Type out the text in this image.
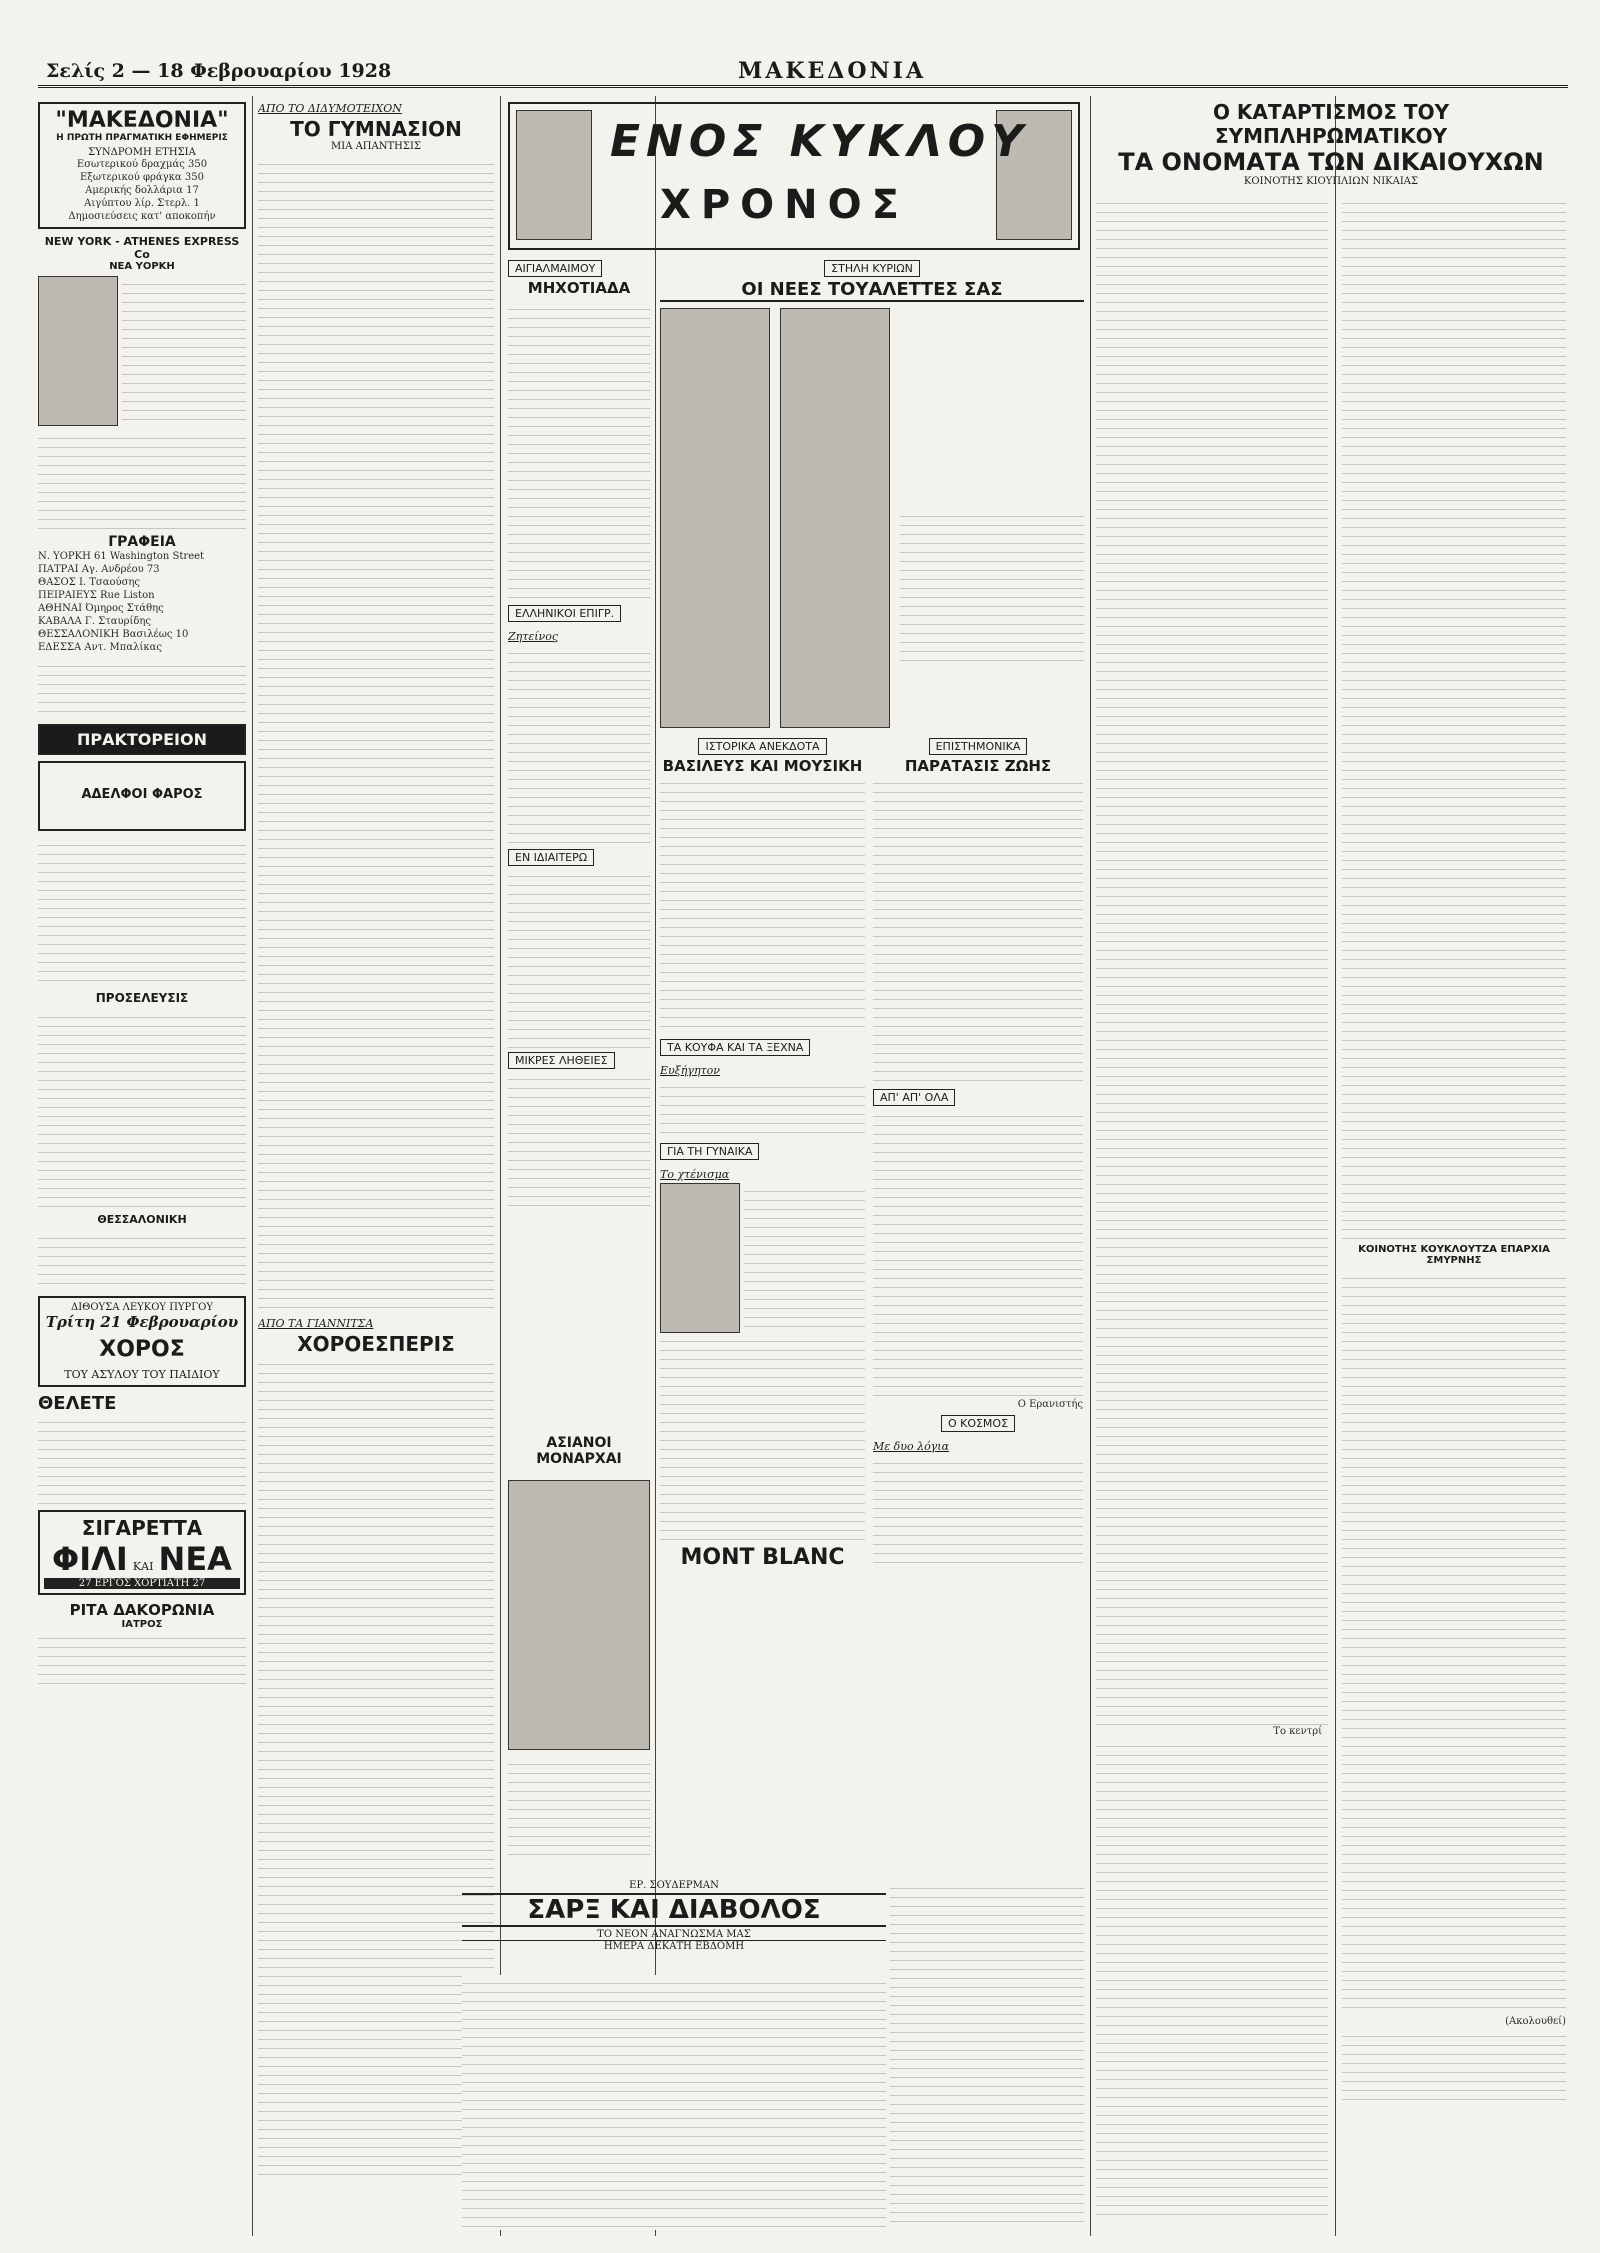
Σελίς 2 — 18 Φεβρουαρίου 1928	ΜΑΚΕΔΟΝΙΑ
"ΜΑΚΕΔΟΝΙΑ"
Η ΠΡΩΤΗ ΠΡΑΓΜΑΤΙΚΗ ΕΦΗΜΕΡΙΣ
ΣΥΝΔΡΟΜΗ ΕΤΗΣΙΑ
Εσωτερικού δραχμάς 350
Εξωτερικού φράγκα 350
Αμερικής δολλάρια 17
Αιγύπτου λίρ. Στερλ. 1
Δημοσιεύσεις κατ' αποκοπήν
NEW YORK - ATHENES EXPRESS Co
ΝΕΑ ΥΟΡΚΗ
ΓΡΑΦΕΙΑ
Ν. ΥΟΡΚΗ 61 Washington Street
ΠΑΤΡΑΙ Αγ. Ανδρέου 73
ΘΑΣΟΣ Ι. Τσαούσης
ΠΕΙΡΑΙΕΥΣ Rue Liston
ΑΘΗΝΑΙ Όμηρος Στάθης
ΚΑΒΑΛΑ Γ. Σταυρίδης
ΘΕΣΣΑΛΟΝΙΚΗ Βασιλέως 10
ΕΔΕΣΣΑ Αντ. Μπαλίκας
ΠΡΑΚΤΟΡΕΙΟΝ
ΑΔΕΛΦΟΙ ΦΑΡΟΣ
ΠΡΟΣΕΛΕΥΣΙΣ
ΘΕΣΣΑΛΟΝΙΚΗ
ΔΙΘΟΥΣΑ ΛΕΥΚΟΥ ΠΥΡΓΟΥ
Τρίτη 21 Φεβρουαρίου
ΧΟΡΟΣ
ΤΟΥ ΑΣΥΛΟΥ ΤΟΥ ΠΑΙΔΙΟΥ
ΘΕΛΕΤΕ
ΣΙΓΑΡΕΤΤΑ
ΦΙΛΙ ΚΑΙ ΝΕΑ
27 ΕΡΓΟΣ ΧΟΡΤΙΑΤΗ 27
ΡΙΤΑ ΔΑΚΟΡΩΝΙΑ
ΙΑΤΡΟΣ
ΑΠΟ ΤΟ ΔΙΔΥΜΟΤΕΙΧΟΝ
ΤΟ ΓΥΜΝΑΣΙΟΝ
ΜΙΑ ΑΠΑΝΤΗΣΙΣ
ΑΠΟ ΤΑ ΓΙΑΝΝΙΤΣΑ
ΧΟΡΟΕΣΠΕΡΙΣ
ΕΝΟΣ ΚΥΚΛΟΥ
ΧΡΟΝΟΣ
ΑΙΓΙΑΛΜΑΙΜΟΥ
ΜΗΧΟΤΙΑΔΑ
ΕΛΛΗΝΙΚΟΙ ΕΠΙΓΡ.
Ζητείνος
ΕΝ ΙΔΙΑΙΤΕΡΩ
ΜΙΚΡΕΣ ΛΗΘΕΙΕΣ
ΑΣΙΑΝΟΙ ΜΟΝΑΡΧΑΙ
ΣΤΗΛΗ ΚΥΡΙΩΝ
ΟΙ ΝΕΕΣ ΤΟΥΑΛΕΤΤΕΣ ΣΑΣ
ΙΣΤΟΡΙΚΑ ΑΝΕΚΔΟΤΑ
ΒΑΣΙΛΕΥΣ ΚΑΙ ΜΟΥΣΙΚΗ
ΤΑ ΚΟΥΦΑ ΚΑΙ ΤΑ ΞΕΧΝΑ
Ευξήγητον
ΓΙΑ ΤΗ ΓΥΝΑΙΚΑ
Το χτένισμα
MONT BLANC
ΕΠΙΣΤΗΜΟΝΙΚΑ
ΠΑΡΑΤΑΣΙΣ ΖΩΗΣ
ΑΠ' ΑΠ' ΟΛΑ
Ο Ερανιστής
Ο ΚΟΣΜΟΣ
Με δυο λόγια
ΕΡ. ΣΟΥΔΕΡΜΑΝ
ΣΑΡΞ ΚΑΙ ΔΙΑΒΟΛΟΣ
ΤΟ ΝΕΟΝ ΑΝΑΓΝΩΣΜΑ ΜΑΣ
ΗΜΕΡΑ ΔΕΚΑΤΗ ΕΒΔΟΜΗ
Ο ΚΑΤΑΡΤΙΣΜΟΣ ΤΟΥ ΣΥΜΠΛΗΡΩΜΑΤΙΚΟΥ
ΤΑ ΟΝΟΜΑΤΑ ΤΩΝ ΔΙΚΑΙΟΥΧΩΝ
ΚΟΙΝΟΤΗΣ ΚΙΟΥΠΛΙΩΝ ΝΙΚΑΙΑΣ
Το κεντρί
ΚΟΙΝΟΤΗΣ ΚΟΥΚΛΟΥΤΖΑ ΕΠΑΡΧΙΑ ΣΜΥΡΝΗΣ
(Ακολουθεί)
